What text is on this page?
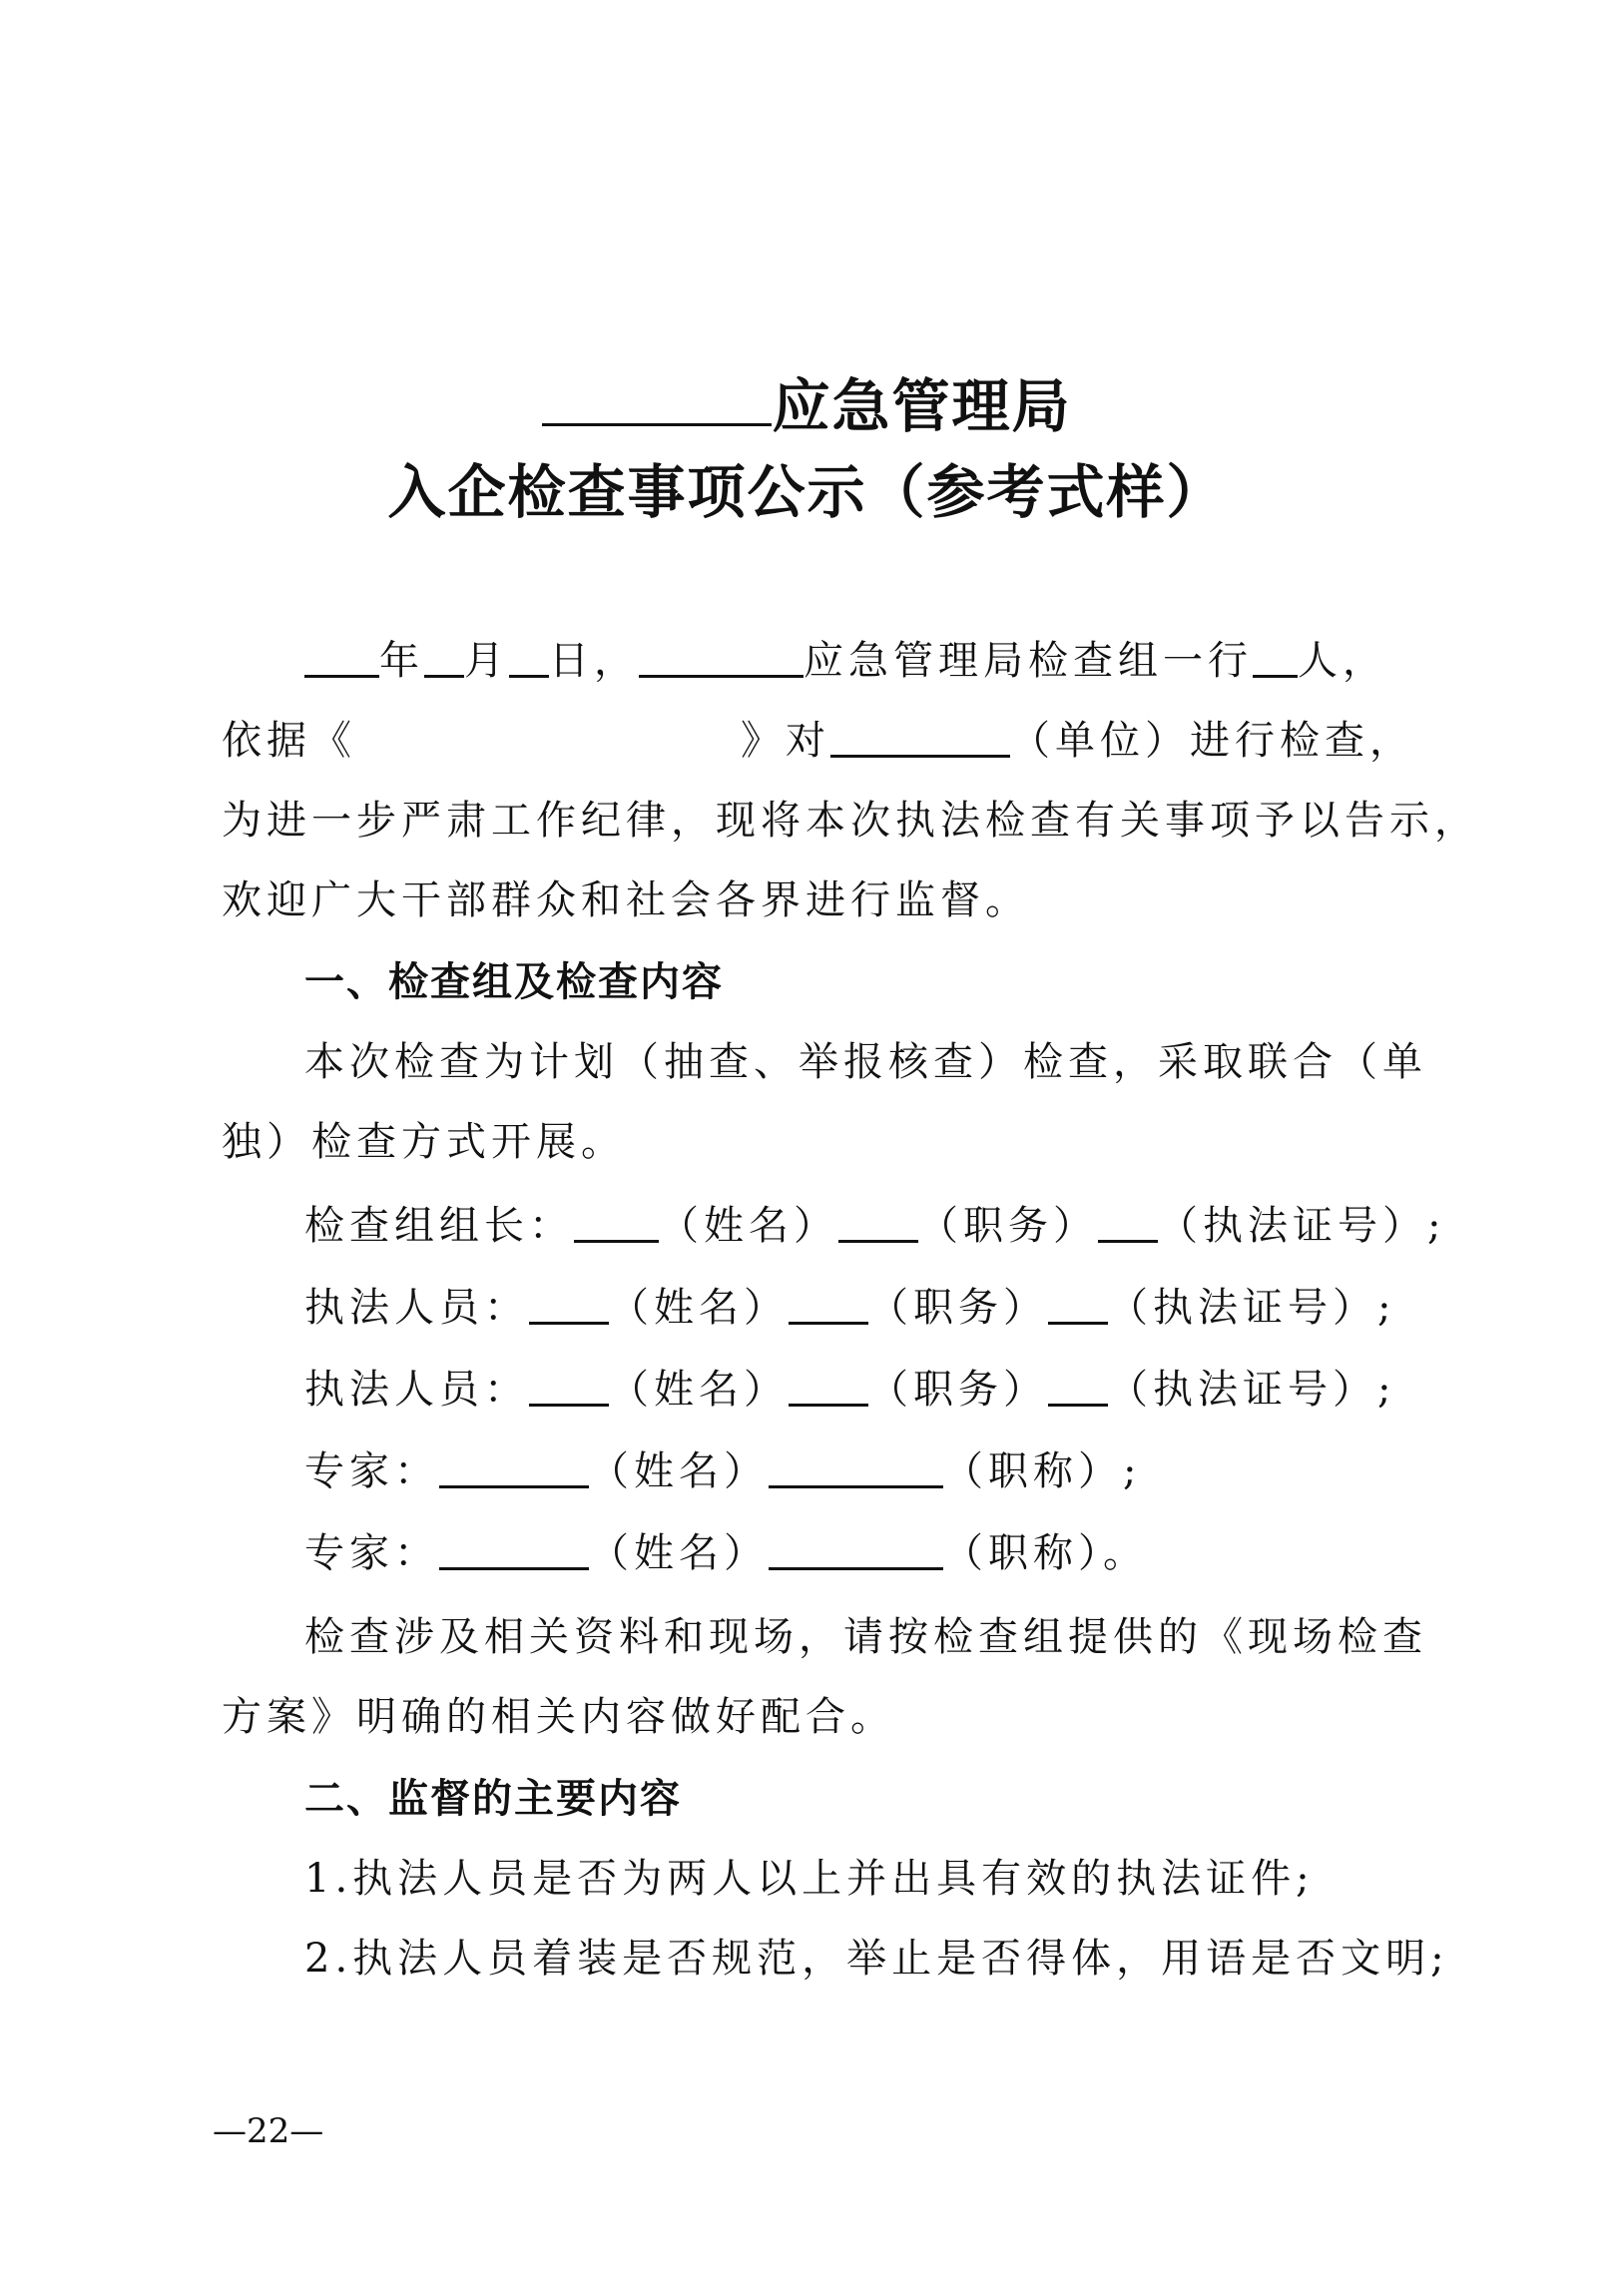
应急管理局
入企检查事项公示（参考式样）
年 月 日，	应急管理局检查组一行 人，
依据《	》对	（单位）进行检查，
为进一步严肃工作纪律，现将本次执法检查有关事项予以告示，
欢迎广大干部群众和社会各界进行监督。
一、检查组及检查内容
本次检查为计划（抽查、举报核查）检查，采取联合（单
独）检查方式开展。
检查组组长： （姓名） （职务） （执法证号）;
执法人员： （姓名） （职务） （执法证号）;
执法人员： （姓名） （职务） （执法证号）;
专家：	（姓名）	（职称）;
专家：	（姓名）	（职称）。
检查涉及相关资料和现场，请按检查组提供的《现场检查
方案》明确的相关内容做好配合。
二、监督的主要内容
1.执法人员是否为两人以上并出具有效的执法证件;
2.执法人员着装是否规范，举止是否得体，用语是否文明;
—22—
